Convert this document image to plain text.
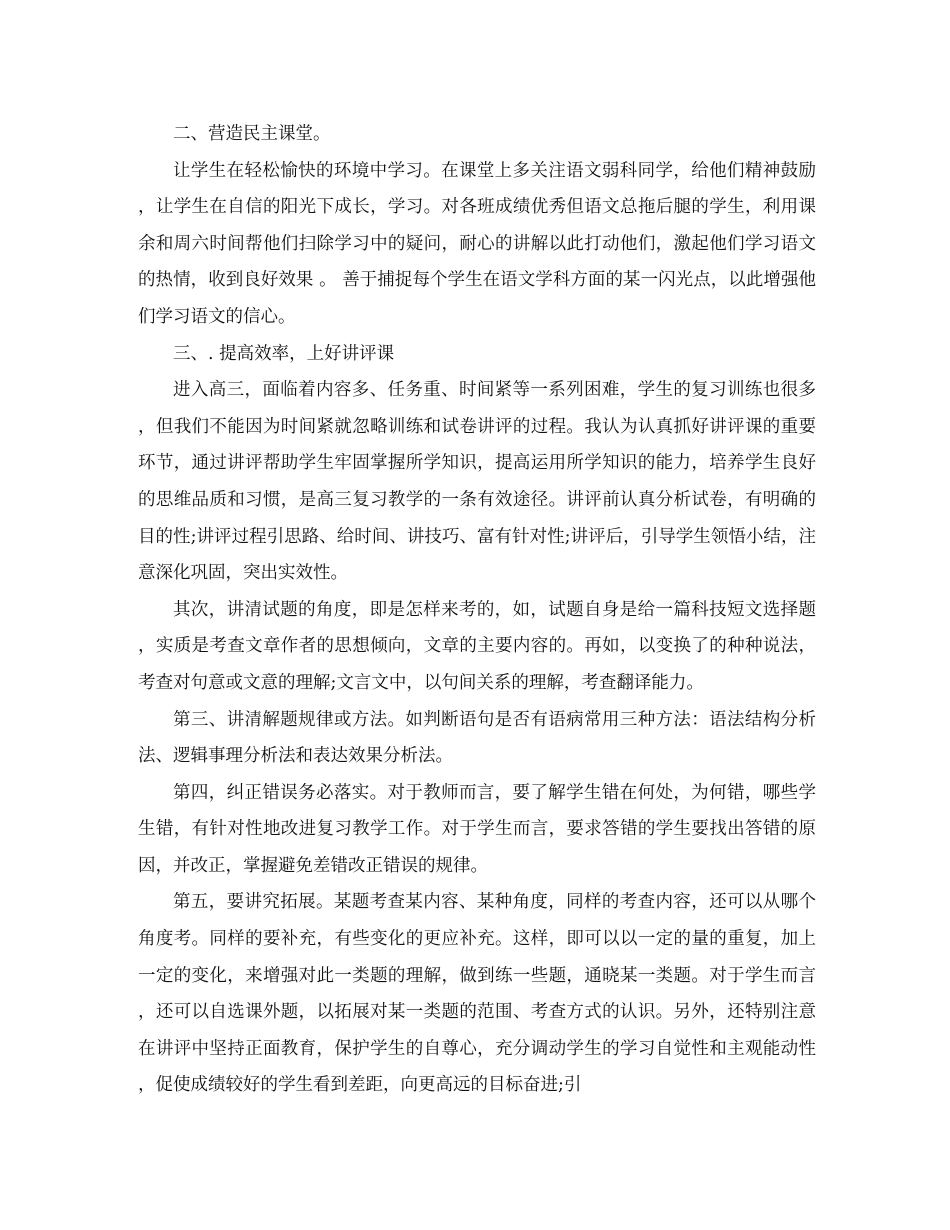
二、营造民主课堂。

让学生在轻松愉快的环境中学习。在课堂上多关注语文弱科同学，给他们精神鼓励，让学生在自信的阳光下成长，学习。对各班成绩优秀但语文总拖后腿的学生，利用课余和周六时间帮他们扫除学习中的疑问，耐心的讲解以此打动他们，激起他们学习语文的热情，收到良好效果 。 善于捕捉每个学生在语文学科方面的某一闪光点，以此增强他们学习语文的信心。

三、. 提高效率，上好讲评课

进入高三，面临着内容多、任务重、时间紧等一系列困难，学生的复习训练也很多，但我们不能因为时间紧就忽略训练和试卷讲评的过程。我认为认真抓好讲评课的重要环节，通过讲评帮助学生牢固掌握所学知识，提高运用所学知识的能力，培养学生良好的思维品质和习惯，是高三复习教学的一条有效途径。讲评前认真分析试卷，有明确的目的性;讲评过程引思路、给时间、讲技巧、富有针对性;讲评后，引导学生领悟小结，注意深化巩固，突出实效性。

其次，讲清试题的角度，即是怎样来考的，如，试题自身是给一篇科技短文选择题，实质是考查文章作者的思想倾向，文章的主要内容的。再如，以变换了的种种说法，考查对句意或文意的理解;文言文中，以句间关系的理解，考查翻译能力。

第三、讲清解题规律或方法。如判断语句是否有语病常用三种方法：语法结构分析法、逻辑事理分析法和表达效果分析法。

第四，纠正错误务必落实。对于教师而言，要了解学生错在何处，为何错，哪些学生错，有针对性地改进复习教学工作。对于学生而言，要求答错的学生要找出答错的原因，并改正，掌握避免差错改正错误的规律。

第五，要讲究拓展。某题考查某内容、某种角度，同样的考查内容，还可以从哪个角度考。同样的要补充，有些变化的更应补充。这样，即可以以一定的量的重复，加上一定的变化，来增强对此一类题的理解，做到练一些题，通晓某一类题。对于学生而言，还可以自选课外题，以拓展对某一类题的范围、考查方式的认识。另外，还特别注意在讲评中坚持正面教育，保护学生的自尊心，充分调动学生的学习自觉性和主观能动性，促使成绩较好的学生看到差距，向更高远的目标奋进;引
